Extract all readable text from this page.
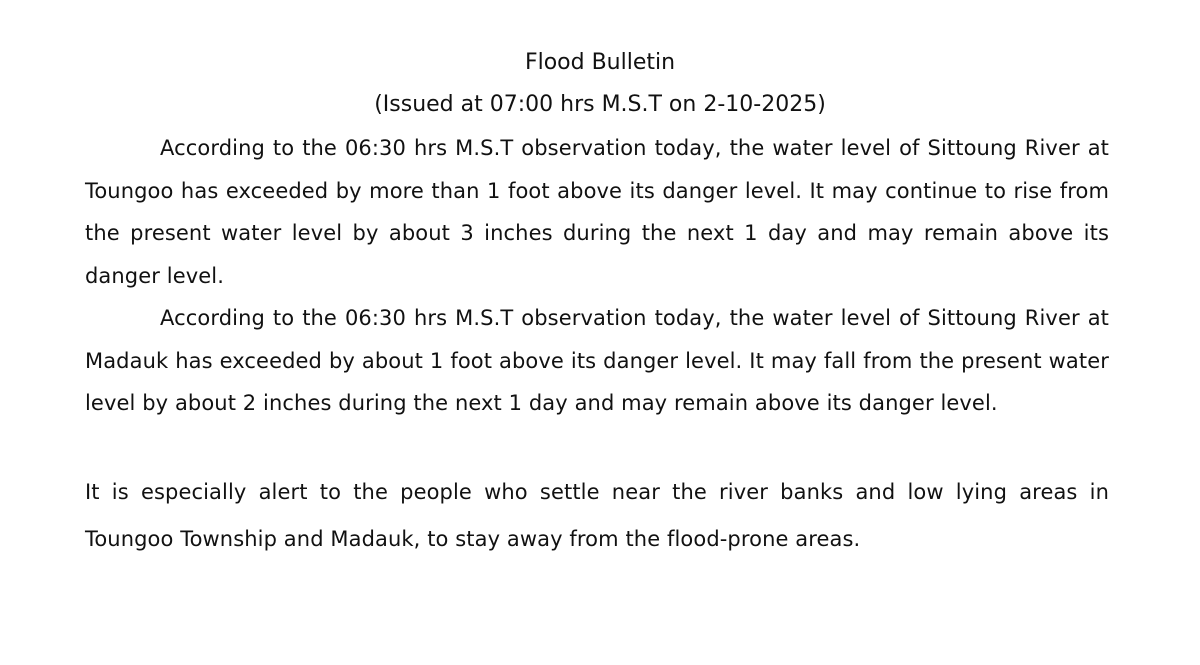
Flood Bulletin

(Issued at 07:00 hrs M.S.T on 2-10-2025)

According to the 06:30 hrs M.S.T observation today, the water level of Sittoung River at Toungoo has exceeded by more than 1 foot above its danger level. It may continue to rise from the present water level by about 3 inches during the next 1 day and may remain above its danger level.

According to the 06:30 hrs M.S.T observation today, the water level of Sittoung River at Madauk has exceeded by about 1 foot above its danger level. It may fall from the present water level by about 2 inches during the next 1 day and may remain above its danger level.

It is especially alert to the people who settle near the river banks and low lying areas in Toungoo Township and Madauk, to stay away from the flood-prone areas.
